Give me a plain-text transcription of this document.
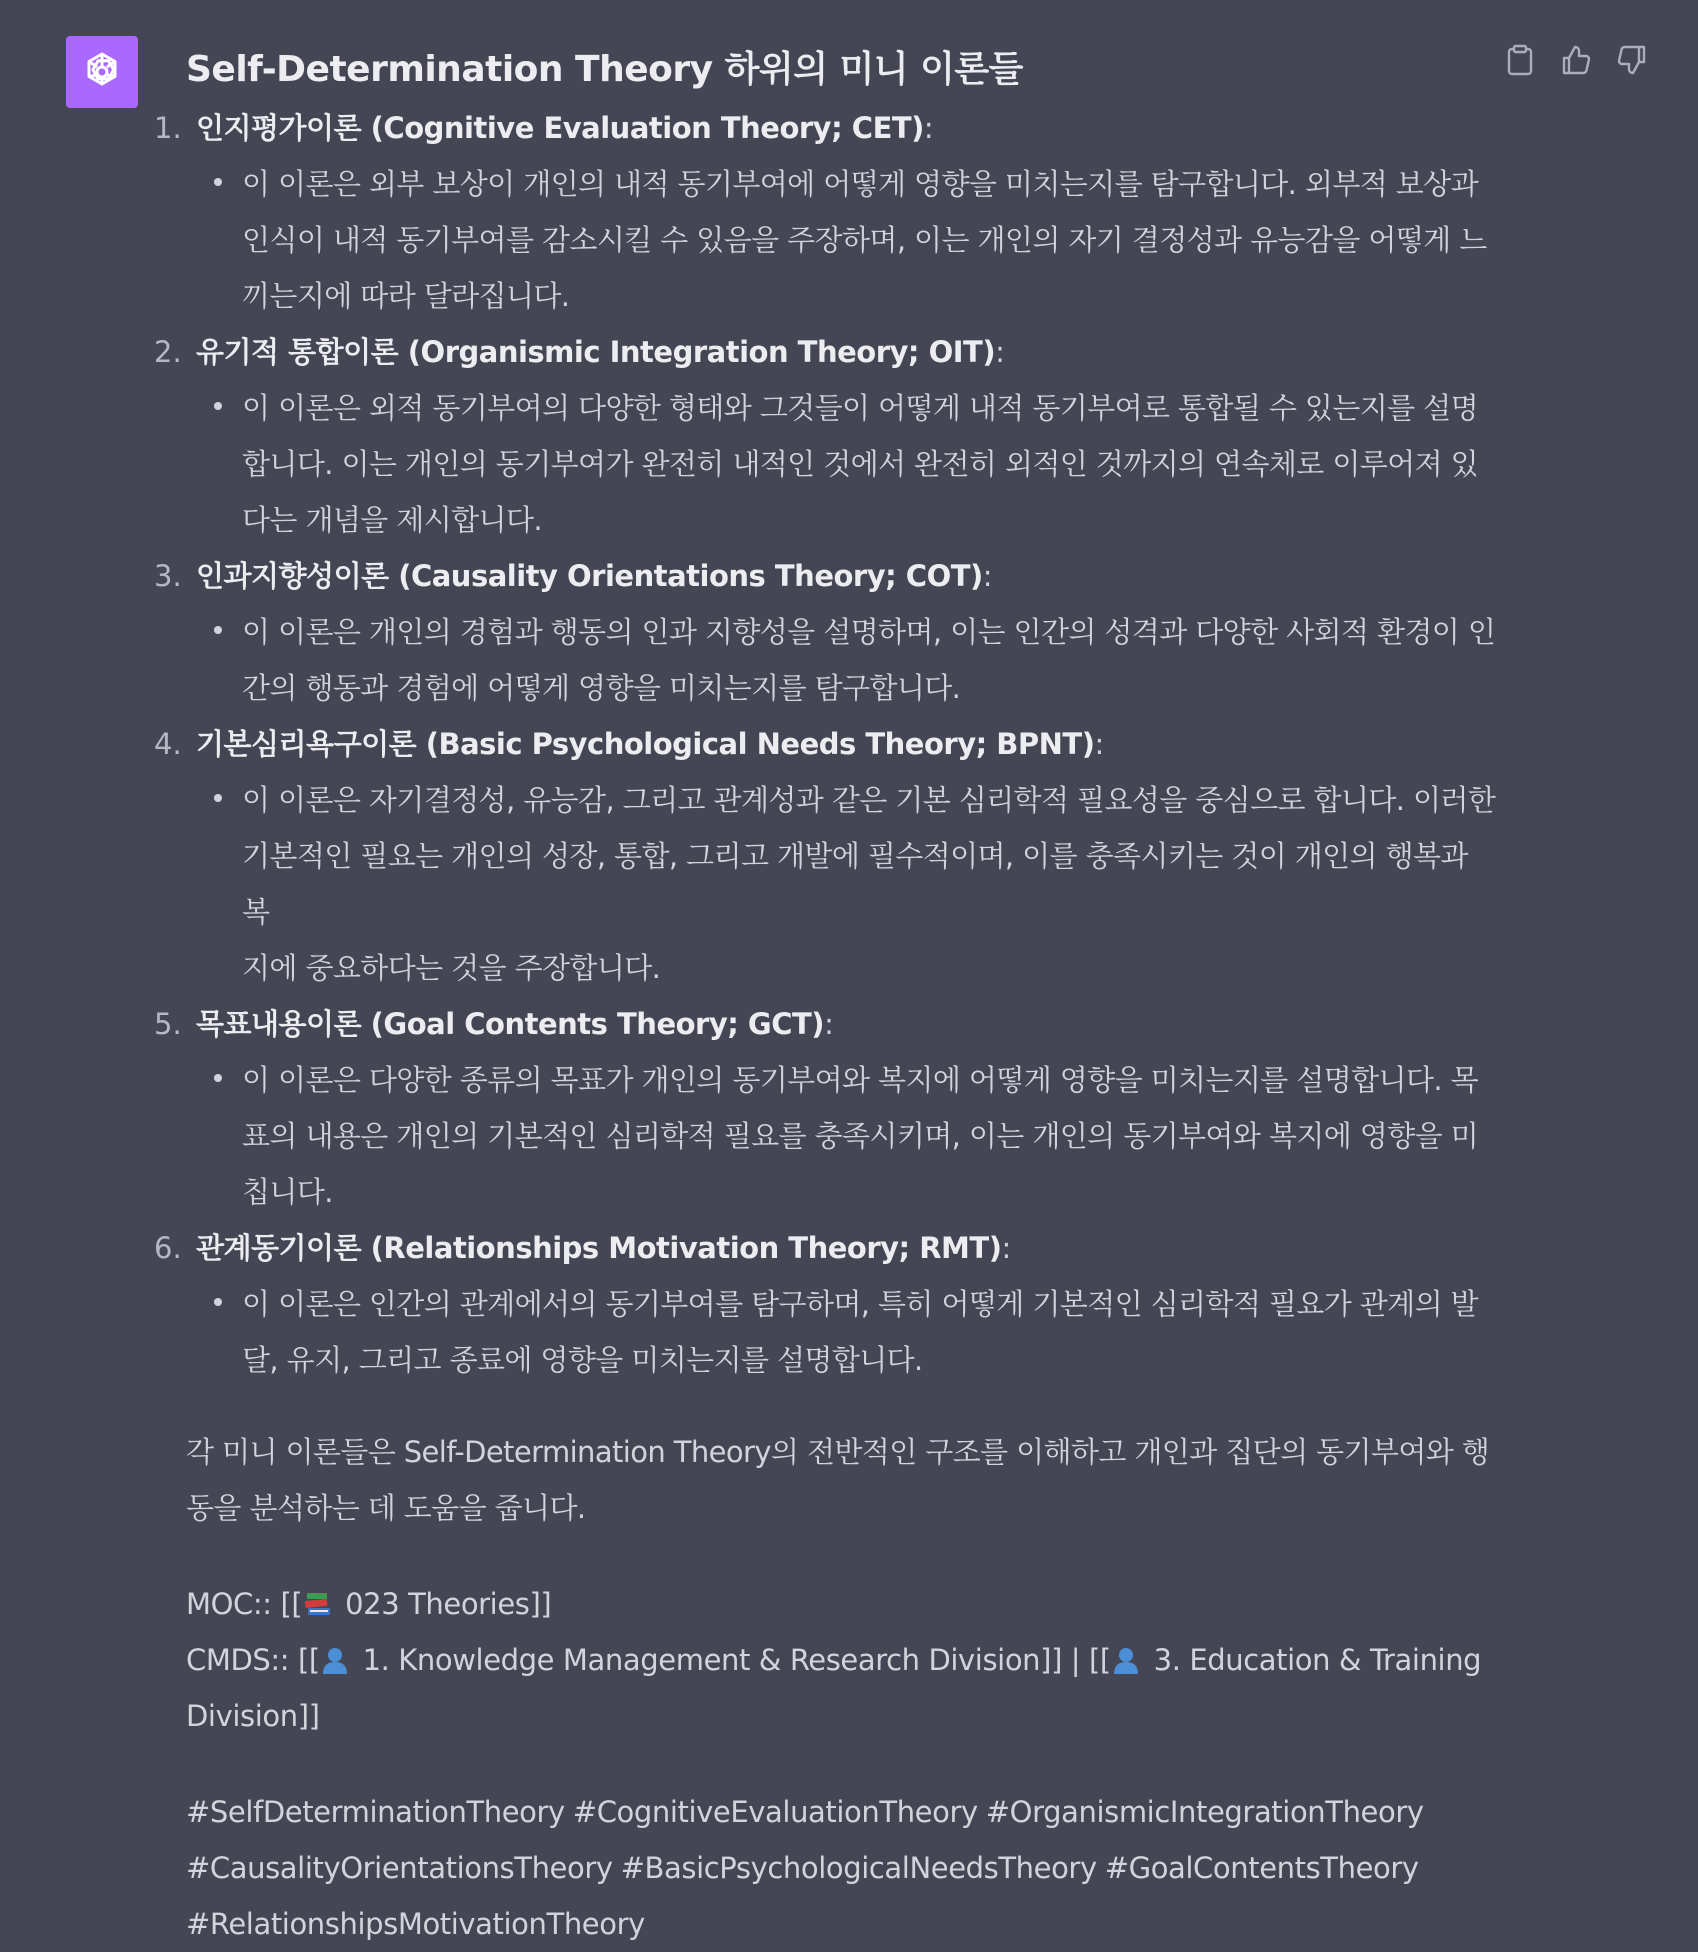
Self-Determination Theory 하위의 미니 이론들
1. 인지평가이론 (Cognitive Evaluation Theory; CET):
이 이론은 외부 보상이 개인의 내적 동기부여에 어떻게 영향을 미치는지를 탐구합니다. 외부적 보상과
인식이 내적 동기부여를 감소시킬 수 있음을 주장하며, 이는 개인의 자기 결정성과 유능감을 어떻게 느
끼는지에 따라 달라집니다.
2. 유기적 통합이론 (Organismic Integration Theory; OIT):
이 이론은 외적 동기부여의 다양한 형태와 그것들이 어떻게 내적 동기부여로 통합될 수 있는지를 설명
합니다. 이는 개인의 동기부여가 완전히 내적인 것에서 완전히 외적인 것까지의 연속체로 이루어져 있
다는 개념을 제시합니다.
3. 인과지향성이론 (Causality Orientations Theory; COT):
이 이론은 개인의 경험과 행동의 인과 지향성을 설명하며, 이는 인간의 성격과 다양한 사회적 환경이 인
간의 행동과 경험에 어떻게 영향을 미치는지를 탐구합니다.
4. 기본심리욕구이론 (Basic Psychological Needs Theory; BPNT):
이 이론은 자기결정성, 유능감, 그리고 관계성과 같은 기본 심리학적 필요성을 중심으로 합니다. 이러한
기본적인 필요는 개인의 성장, 통합, 그리고 개발에 필수적이며, 이를 충족시키는 것이 개인의 행복과 복
지에 중요하다는 것을 주장합니다.
5. 목표내용이론 (Goal Contents Theory; GCT):
이 이론은 다양한 종류의 목표가 개인의 동기부여와 복지에 어떻게 영향을 미치는지를 설명합니다. 목
표의 내용은 개인의 기본적인 심리학적 필요를 충족시키며, 이는 개인의 동기부여와 복지에 영향을 미
칩니다.
6. 관계동기이론 (Relationships Motivation Theory; RMT):
이 이론은 인간의 관계에서의 동기부여를 탐구하며, 특히 어떻게 기본적인 심리학적 필요가 관계의 발
달, 유지, 그리고 종료에 영향을 미치는지를 설명합니다.

각 미니 이론들은 Self-Determination Theory의 전반적인 구조를 이해하고 개인과 집단의 동기부여와 행
동을 분석하는 데 도움을 줍니다.

MOC:: [[ 023 Theories]]
CMDS:: [[ 1. Knowledge Management & Research Division]] | [[ 3. Education & Training
Division]]

#SelfDeterminationTheory #CognitiveEvaluationTheory #OrganismicIntegrationTheory
#CausalityOrientationsTheory #BasicPsychologicalNeedsTheory #GoalContentsTheory
#RelationshipsMotivationTheory
